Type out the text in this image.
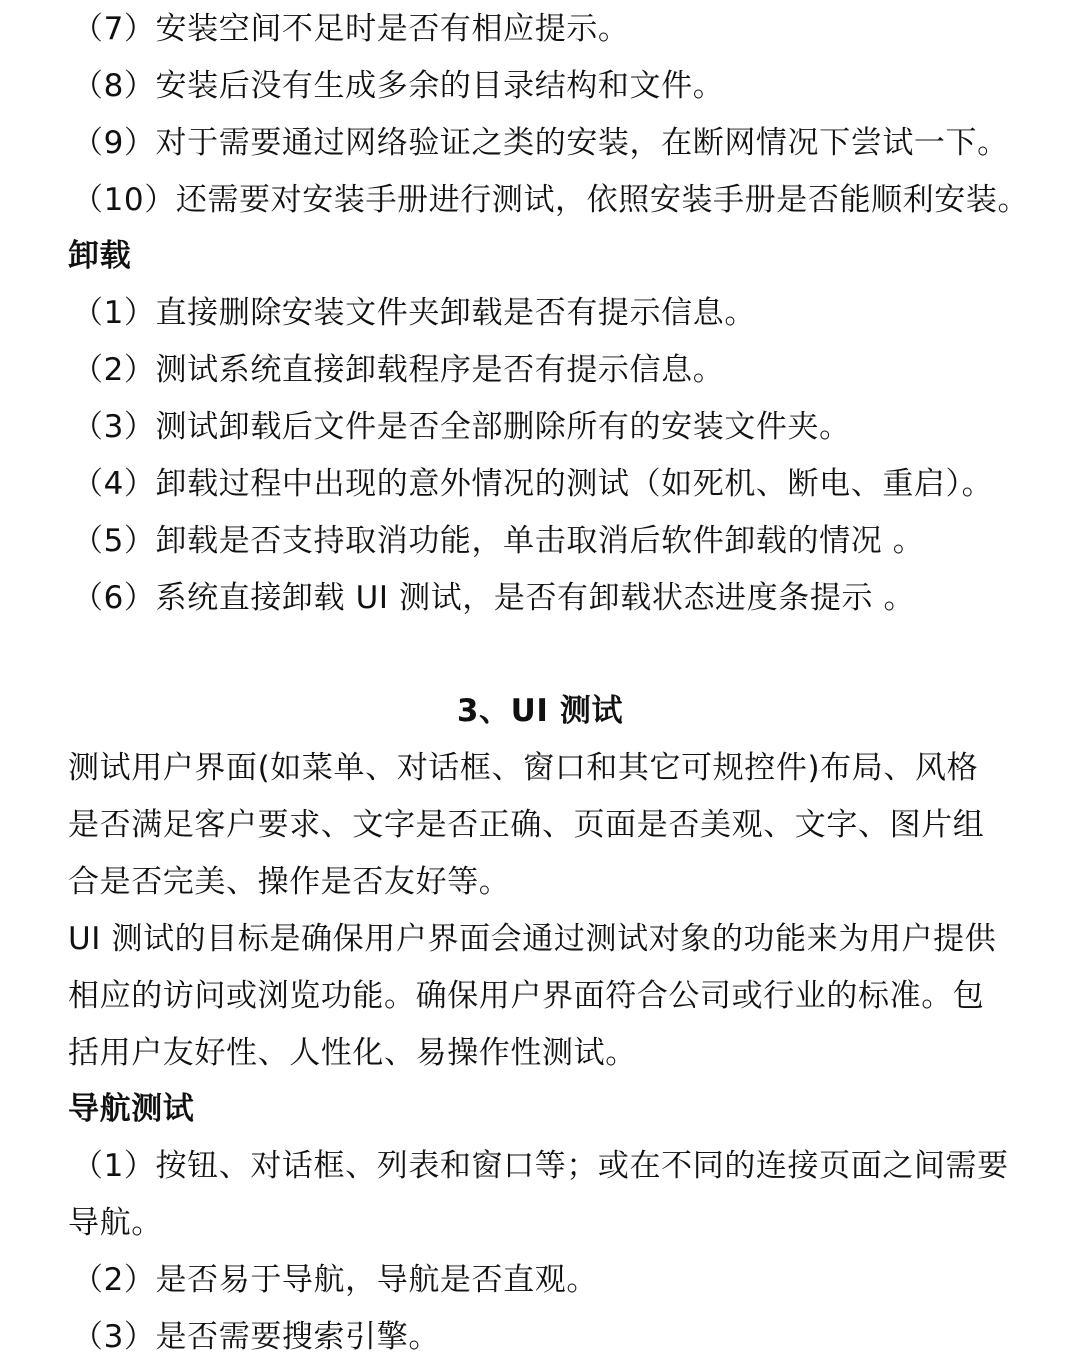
（7）安装空间不足时是否有相应提示。
（8）安装后没有生成多余的目录结构和文件。
（9）对于需要通过网络验证之类的安装，在断网情况下尝试一下。
（10）还需要对安装手册进行测试，依照安装手册是否能顺利安装。
卸载
（1）直接删除安装文件夹卸载是否有提示信息。
（2）测试系统直接卸载程序是否有提示信息。
（3）测试卸载后文件是否全部删除所有的安装文件夹。
（4）卸载过程中出现的意外情况的测试（如死机、断电、重启）。
（5）卸载是否支持取消功能，单击取消后软件卸载的情况 。
（6）系统直接卸载 UI 测试，是否有卸载状态进度条提示 。
3、UI 测试
测试用户界面(如菜单、对话框、窗口和其它可规控件)布局、风格
是否满足客户要求、文字是否正确、页面是否美观、文字、图片组
合是否完美、操作是否友好等。
UI 测试的目标是确保用户界面会通过测试对象的功能来为用户提供
相应的访问或浏览功能。确保用户界面符合公司或行业的标准。包
括用户友好性、人性化、易操作性测试。
导航测试
（1）按钮、对话框、列表和窗口等；或在不同的连接页面之间需要
导航。
（2）是否易于导航，导航是否直观。
（3）是否需要搜索引擎。
